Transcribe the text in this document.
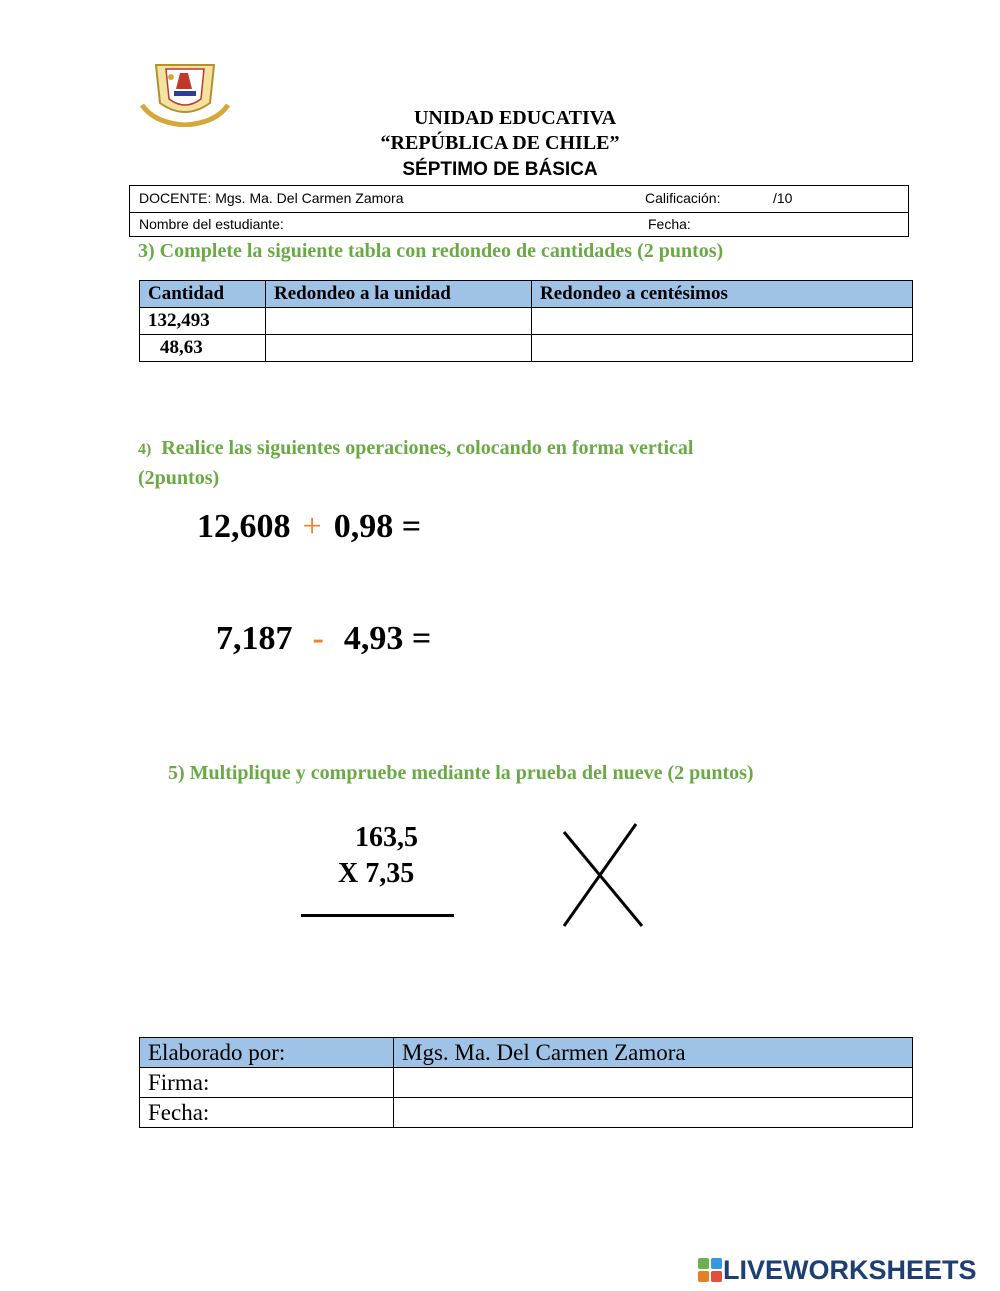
UNIDAD EDUCATIVA
“REPÚBLICA DE CHILE”
SÉPTIMO DE BÁSICA
DOCENTE: Mgs. Ma. Del Carmen Zamora	Calificación:	/10
Nombre del estudiante:	Fecha:
3) Complete la siguiente tabla con redondeo de cantidades (2 puntos)
Cantidad	Redondeo a la unidad	Redondeo a centésimos
132,493		
48,63		
4) Realice las siguientes operaciones, colocando en forma vertical
(2puntos)
12,608 + 0,98 =
7,187 - 4,93 =
5) Multiplique y compruebe mediante la prueba del nueve (2 puntos)
163,5
X 7,35
Elaborado por:	Mgs. Ma. Del Carmen Zamora
Firma:	
Fecha:	
LIVEWORKSHEETS
